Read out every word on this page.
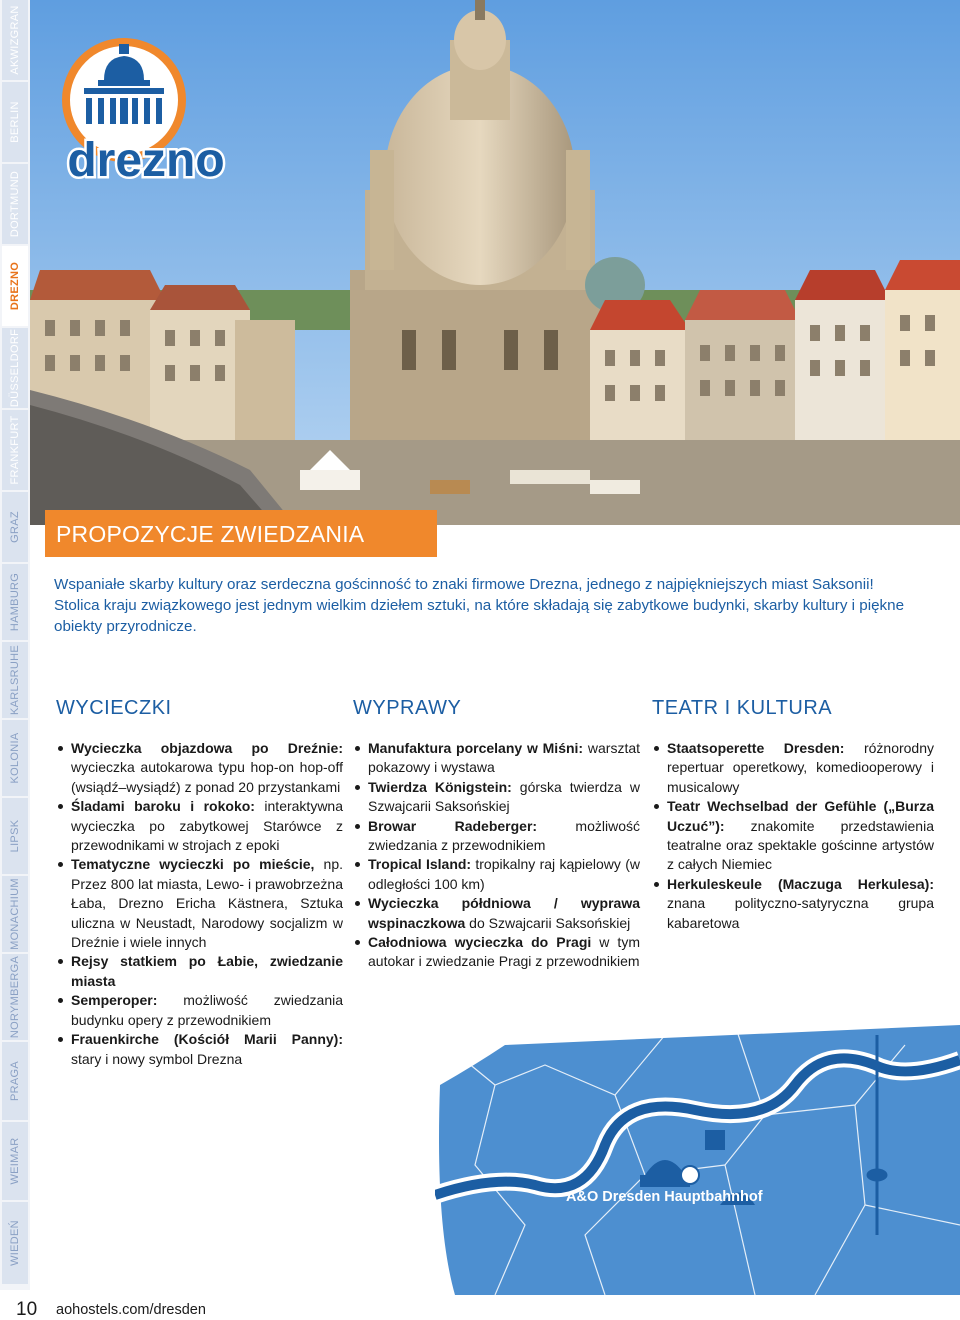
AKWIZGRAN
BERLIN
DORTMUND
DREZNO
DÜSSELDORF
FRANKFURT
GRAZ
HAMBURG
KARLSRUHE
KOLONIA
LIPSK
MONACHIUM
NORYMBERGA
PRAGA
WEIMAR
WIEDEŃ
drezno
PROPOZYCJE ZWIEDZANIA

Wspaniałe skarby kultury oraz serdeczna gościnność to znaki firmowe Drezna, jednego z najpiękniejszych miast Saksonii! Stolica kraju związkowego jest jednym wielkim dziełem sztuki, na które składają się zabytkowe budynki, skarby kultury i piękne obiekty przyrodnicze.

WYCIECZKI
Wycieczka objazdowa po Dreźnie: wycieczka autokarowa typu hop-on hop-off (wsiądź–wysiądź) z ponad 20 przystankami
Śladami baroku i rokoko: interaktywna wycieczka po zabytkowej Starówce z przewodnikami w strojach z epoki
Tematyczne wycieczki po mieście, np. Przez 800 lat miasta, Lewo- i prawobrzeżna Łaba, Drezno Ericha Kästnera, Sztuka uliczna w Neustadt, Narodowy socjalizm w Dreźnie i wiele innych
Rejsy statkiem po Łabie, zwiedzanie miasta
Semperoper: możliwość zwiedzania budynku opery z przewodnikiem
Frauenkirche (Kościół Marii Panny): stary i nowy symbol Drezna
WYPRAWY
Manufaktura porcelany w Miśni: warsztat pokazowy i wystawa
Twierdza Königstein: górska twierdza w Szwajcarii Saksońskiej
Browar Radeberger: możliwość zwiedzania z przewodnikiem
Tropical Island: tropikalny raj kąpielowy (w odległości 100 km)
Wycieczka półdniowa / wyprawa wspinaczkowa do Szwajcarii Saksońskiej
Całodniowa wycieczka do Pragi w tym autokar i zwiedzanie Pragi z przewodnikiem
TEATR I KULTURA
Staatsoperette Dresden: różnorodny repertuar operetkowy, komediooperowy i musicalowy
Teatr Wechselbad der Gefühle („Burza Uczuć”): znakomite przedstawienia teatralne oraz spektakle gościnne artystów z całych Niemiec
Herkuleskeule (Maczuga Herkulesa): znana polityczno-satyryczna grupa kabaretowa
A&O Dresden Hauptbahnhof
10 aohostels.com/dresden
